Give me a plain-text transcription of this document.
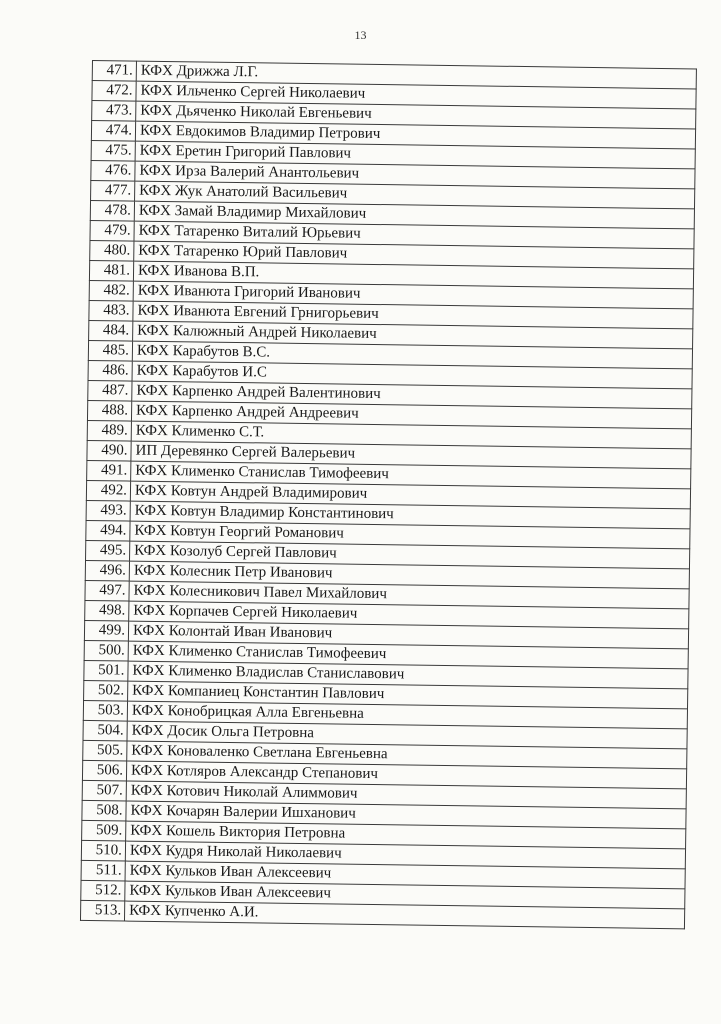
13
471.	КФХ Дрижжа Л.Г.
472.	КФХ Ильченко Сергей Николаевич
473.	КФХ Дьяченко Николай Евгеньевич
474.	КФХ Евдокимов Владимир Петрович
475.	КФХ Еретин Григорий Павлович
476.	КФХ Ирза Валерий Анантольевич
477.	КФХ Жук Анатолий Васильевич
478.	КФХ Замай Владимир Михайлович
479.	КФХ Татаренко Виталий Юрьевич
480.	КФХ Татаренко Юрий Павлович
481.	КФХ Иванова В.П.
482.	КФХ Иванюта Григорий Иванович
483.	КФХ Иванюта Евгений Грнигорьевич
484.	КФХ Калюжный Андрей Николаевич
485.	КФХ Карабутов В.С.
486.	КФХ Карабутов И.С
487.	КФХ Карпенко Андрей Валентинович
488.	КФХ Карпенко Андрей Андреевич
489.	КФХ Клименко С.Т.
490.	ИП Деревянко Сергей Валерьевич
491.	КФХ Клименко Станислав Тимофеевич
492.	КФХ Ковтун Андрей Владимирович
493.	КФХ Ковтун Владимир Константинович
494.	КФХ Ковтун Георгий Романович
495.	КФХ Козолуб Сергей Павлович
496.	КФХ Колесник Петр Иванович
497.	КФХ Колесникович Павел Михайлович
498.	КФХ Корпачев Сергей Николаевич
499.	КФХ Колонтай Иван Иванович
500.	КФХ Клименко Станислав Тимофеевич
501.	КФХ Клименко Владислав Станиславович
502.	КФХ Компаниец Константин Павлович
503.	КФХ Конобрицкая Алла Евгеньевна
504.	КФХ Досик Ольга Петровна
505.	КФХ Коноваленко Светлана Евгеньевна
506.	КФХ Котляров Александр Степанович
507.	КФХ Котович Николай Алиммович
508.	КФХ Кочарян Валерии Ишханович
509.	КФХ Кошель Виктория Петровна
510.	КФХ Кудря Николай Николаевич
511.	КФХ Кульков Иван Алексеевич
512.	КФХ Кульков Иван Алексеевич
513.	КФХ Купченко А.И.
